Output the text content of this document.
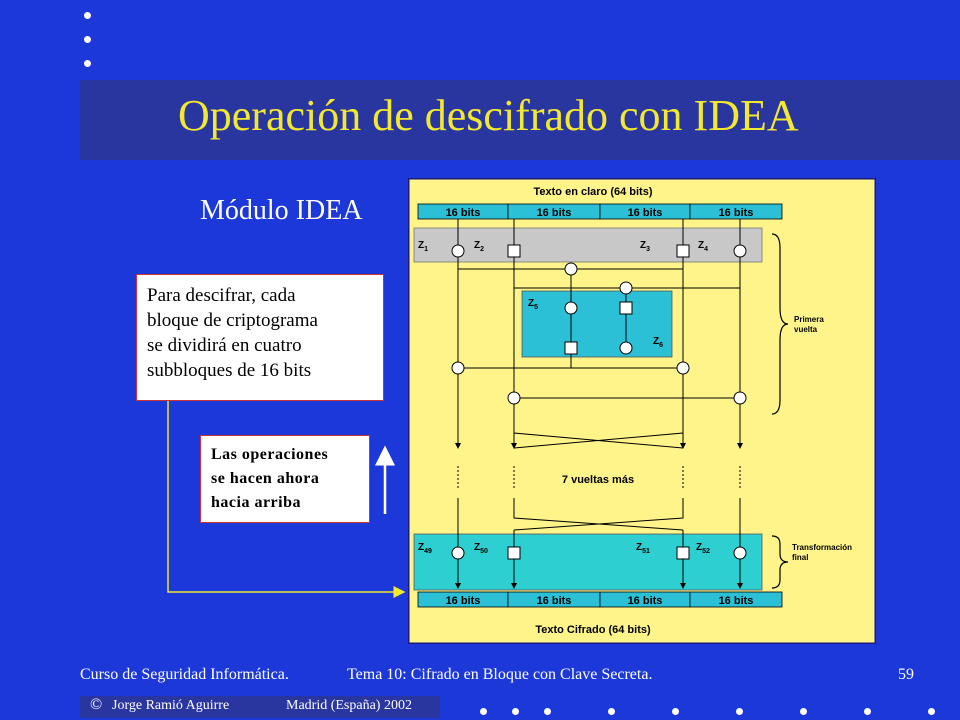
Operación de descifrado con IDEA
Módulo IDEA

Para descifrar, cada

bloque de criptograma

se dividirá en cuatro

subbloques de 16 bits

Las operaciones

se hacen ahora

hacia arriba

Texto en claro (64 bits)
16 bits	16 bits	16 bits	16 bits
$Z_1$	$Z_2$	$Z_3$	$Z_4$
$Z_5$
$Z_6$
$Z_{49}$	$Z_{50}$	$Z_{51}$	$Z_{52}$
Primera
vuelta
Transformación
final
7 vueltas más
16 bits	16 bits	16 bits	16 bits
Texto Cifrado (64 bits)
Curso de Seguridad Informática.	Tema 10: Cifrado en Bloque con Clave Secreta.	59
© Jorge Ramió Aguirre	Madrid (España) 2002
